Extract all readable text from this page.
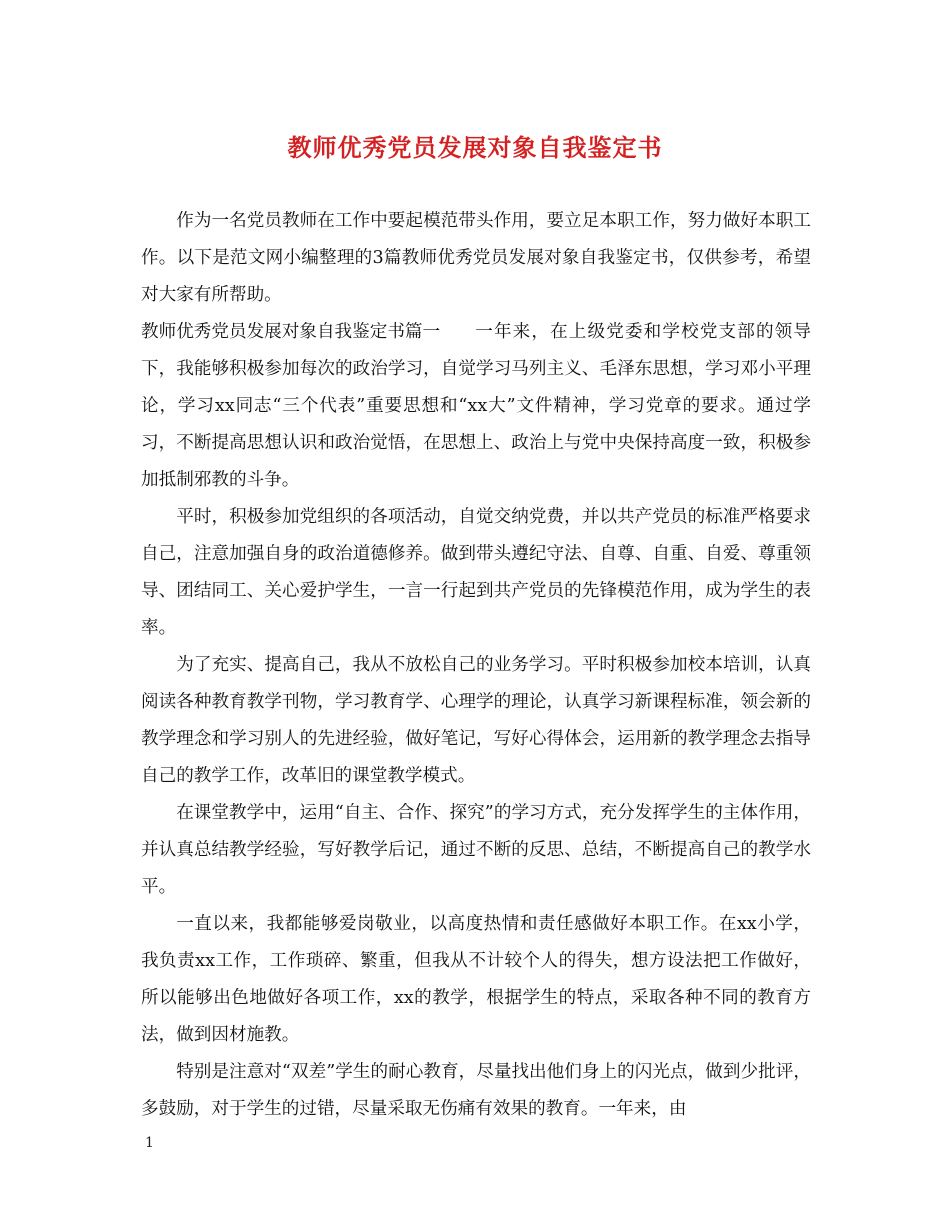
教师优秀党员发展对象自我鉴定书

作为一名党员教师在工作中要起模范带头作用，要立足本职工作，努力做好本职工作。以下是范文网小编整理的3篇教师优秀党员发展对象自我鉴定书，仅供参考，希望对大家有所帮助。

教师优秀党员发展对象自我鉴定书篇一 一年来，在上级党委和学校党支部的领导下，我能够积极参加每次的政治学习，自觉学习马列主义、毛泽东思想，学习邓小平理论，学习xx同志“三个代表”重要思想和“xx大”文件精神，学习党章的要求。通过学习，不断提高思想认识和政治觉悟，在思想上、政治上与党中央保持高度一致，积极参加抵制邪教的斗争。

平时，积极参加党组织的各项活动，自觉交纳党费，并以共产党员的标准严格要求自己，注意加强自身的政治道德修养。做到带头遵纪守法、自尊、自重、自爱、尊重领导、团结同工、关心爱护学生，一言一行起到共产党员的先锋模范作用，成为学生的表率。

为了充实、提高自己，我从不放松自己的业务学习。平时积极参加校本培训，认真阅读各种教育教学刊物，学习教育学、心理学的理论，认真学习新课程标准，领会新的教学理念和学习别人的先进经验，做好笔记，写好心得体会，运用新的教学理念去指导自己的教学工作，改革旧的课堂教学模式。

在课堂教学中，运用“自主、合作、探究”的学习方式，充分发挥学生的主体作用，并认真总结教学经验，写好教学后记，通过不断的反思、总结，不断提高自己的教学水平。

一直以来，我都能够爱岗敬业，以高度热情和责任感做好本职工作。在xx小学，我负责xx工作，工作琐碎、繁重，但我从不计较个人的得失，想方设法把工作做好，所以能够出色地做好各项工作，xx的教学，根据学生的特点，采取各种不同的教育方法，做到因材施教。

特别是注意对“双差”学生的耐心教育，尽量找出他们身上的闪光点，做到少批评，多鼓励，对于学生的过错，尽量采取无伤痛有效果的教育。一年来，由

1
